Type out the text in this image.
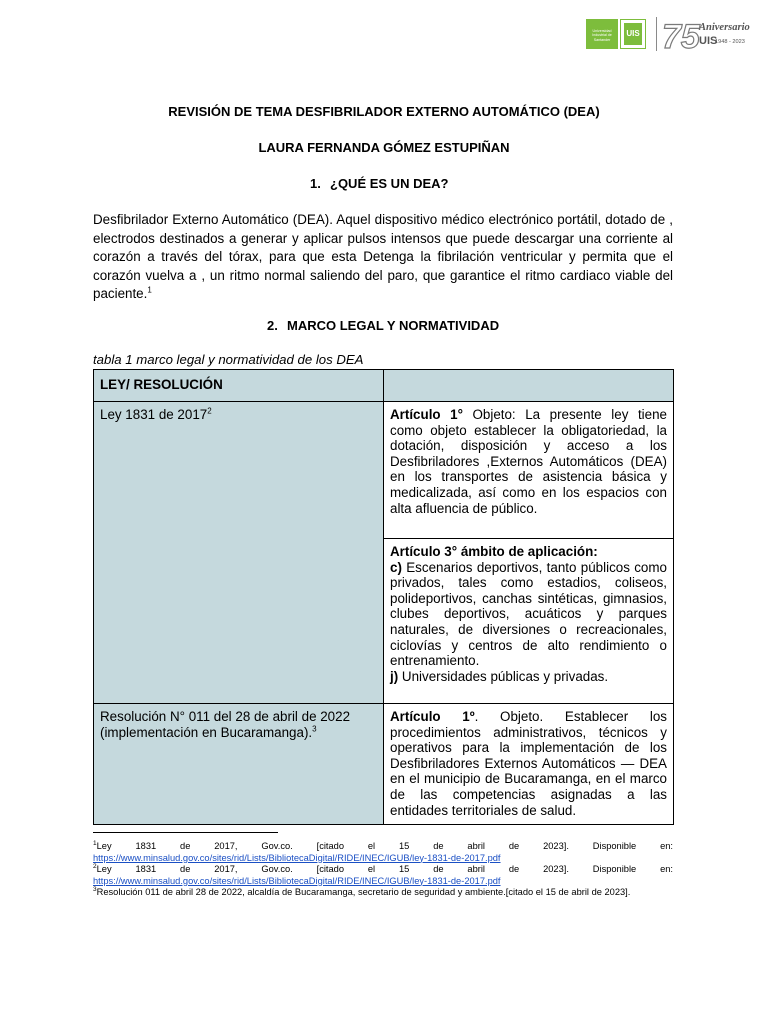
Universidad Industrial de Santander
UIS 75 Aniversario
UIS
1948 - 2023
REVISIÓN DE TEMA DESFIBRILADOR EXTERNO AUTOMÁTICO (DEA)
LAURA FERNANDA GÓMEZ ESTUPIÑAN
1. ¿QUÉ ES UN DEA?
Desfibrilador Externo Automático (DEA). Aquel dispositivo médico electrónico portátil, dotado de , electrodos destinados a generar y aplicar pulsos intensos que puede descargar una corriente al corazón a través del tórax, para que esta Detenga la fibrilación ventricular y permita que el corazón vuelva a , un ritmo normal saliendo del paro, que garantice el ritmo cardiaco viable del paciente.$^1$
2. MARCO LEGAL Y NORMATIVIDAD
tabla 1 marco legal y normatividad de los DEA
LEY/ RESOLUCIÓN	
Ley 1831 de 2017$^2$	Artículo 1° Objeto: La presente ley tiene como objeto establecer la obligatoriedad, la dotación, disposición y acceso a los Desfibriladores ,Externos Automáticos (DEA) en los transportes de asistencia básica y medicalizada, así como en los espacios con alta afluencia de público.
	Artículo 3° ámbito de aplicación:
c) Escenarios deportivos, tanto públicos como privados, tales como estadios, coliseos, polideportivos, canchas sintéticas, gimnasios, clubes deportivos, acuáticos y parques naturales, de diversiones o recreacionales, ciclovías y centros de alto rendimiento o entrenamiento.
j) Universidades públicas y privadas.
Resolución N° 011 del 28 de abril de 2022 (implementación en Bucaramanga).$^3$	Artículo 1º. Objeto. Establecer los procedimientos administrativos, técnicos y operativos para la implementación de los Desfibriladores Externos Automáticos — DEA en el municipio de Bucaramanga, en el marco de las competencias asignadas a las entidades territoriales de salud.
$^1$Ley 1831 de 2017, Gov.co. [citado el 15 de abril de 2023]. Disponible en: https://www.minsalud.gov.co/sites/rid/Lists/BibliotecaDigital/RIDE/INEC/IGUB/ley-1831-de-2017.pdf
$^2$Ley 1831 de 2017, Gov.co. [citado el 15 de abril de 2023]. Disponible en: https://www.minsalud.gov.co/sites/rid/Lists/BibliotecaDigital/RIDE/INEC/IGUB/ley-1831-de-2017.pdf
$^3$Resolución 011 de abril 28 de 2022, alcaldía de Bucaramanga, secretario de seguridad y ambiente.[citado el 15 de abril de 2023].
